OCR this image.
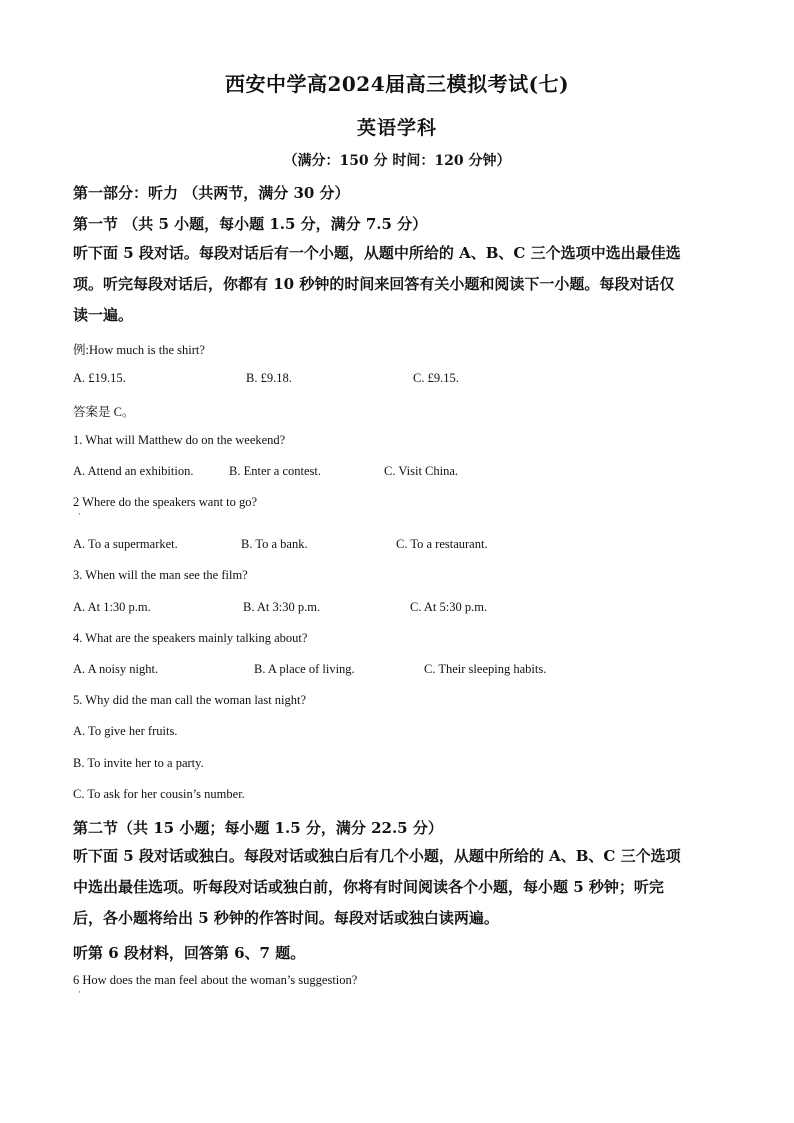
西安中学高2024届高三模拟考试(七)
英语学科
（满分：150 分 时间：120 分钟）
第一部分：听力 （共两节，满分 30 分）
第一节 （共 5 小题，每小题 1.5 分，满分 7.5 分）
听下面 5 段对话。每段对话后有一个小题，从题中所给的 A、B、C 三个选项中选出最佳选
项。听完每段对话后，你都有 10 秒钟的时间来回答有关小题和阅读下一小题。每段对话仅
读一遍。
例:How much is the shirt?
A. £19.15.	B. £9.18.	C. £9.15.
答案是 C。
1. What will Matthew do on the weekend?
A. Attend an exhibition.	B. Enter a contest.	C. Visit China.
2 Where do the speakers want to go?
·
A. To a supermarket.	B. To a bank.	C. To a restaurant.
3. When will the man see the film?
A. At 1:30 p.m.	B. At 3:30 p.m.	C. At 5:30 p.m.
4. What are the speakers mainly talking about?
A. A noisy night.	B. A place of living.	C. Their sleeping habits.
5. Why did the man call the woman last night?
A. To give her fruits.
B. To invite her to a party.
C. To ask for her cousin’s number.
第二节（共 15 小题；每小题 1.5 分，满分 22.5 分）
听下面 5 段对话或独白。每段对话或独白后有几个小题，从题中所给的 A、B、C 三个选项
中选出最佳选项。听每段对话或独白前，你将有时间阅读各个小题，每小题 5 秒钟；听完
后，各小题将给出 5 秒钟的作答时间。每段对话或独白读两遍。
听第 6 段材料，回答第 6、7 题。
6 How does the man feel about the woman’s suggestion?
·
